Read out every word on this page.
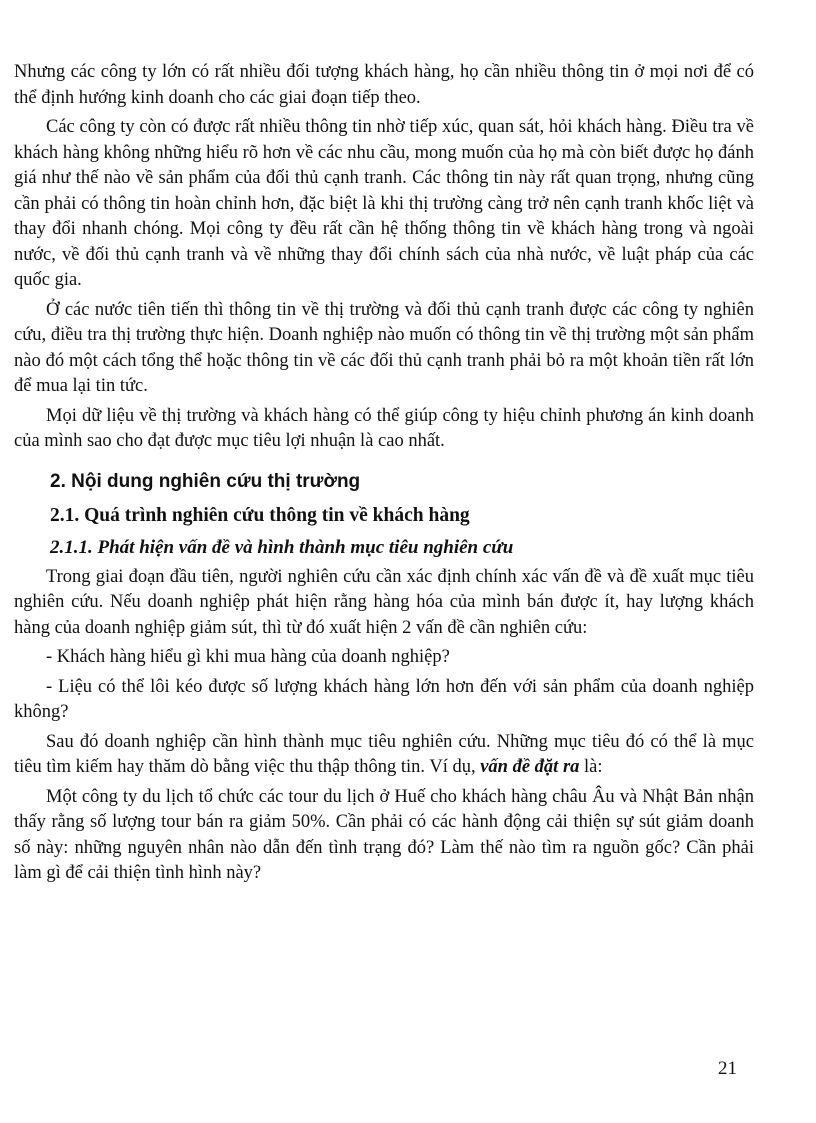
Nhưng các công ty lớn có rất nhiều đối tượng khách hàng, họ cần nhiều thông tin ở mọi nơi để có thể định hướng kinh doanh cho các giai đoạn tiếp theo.

Các công ty còn có được rất nhiều thông tin nhờ tiếp xúc, quan sát, hỏi khách hàng. Điều tra về khách hàng không những hiểu rõ hơn về các nhu cầu, mong muốn của họ mà còn biết được họ đánh giá như thế nào về sản phẩm của đối thủ cạnh tranh. Các thông tin này rất quan trọng, nhưng cũng cần phải có thông tin hoàn chỉnh hơn, đặc biệt là khi thị trường càng trở nên cạnh tranh khốc liệt và thay đổi nhanh chóng. Mọi công ty đều rất cần hệ thống thông tin về khách hàng trong và ngoài nước, về đối thủ cạnh tranh và về những thay đổi chính sách của nhà nước, về luật pháp của các quốc gia.

Ở các nước tiên tiến thì thông tin về thị trường và đối thủ cạnh tranh được các công ty nghiên cứu, điều tra thị trường thực hiện. Doanh nghiệp nào muốn có thông tin về thị trường một sản phẩm nào đó một cách tổng thể hoặc thông tin về các đối thủ cạnh tranh phải bỏ ra một khoản tiền rất lớn để mua lại tin tức.

Mọi dữ liệu về thị trường và khách hàng có thể giúp công ty hiệu chỉnh phương án kinh doanh của mình sao cho đạt được mục tiêu lợi nhuận là cao nhất.

2. Nội dung nghiên cứu thị trường
2.1. Quá trình nghiên cứu thông tin về khách hàng
2.1.1. Phát hiện vấn đề và hình thành mục tiêu nghiên cứu

Trong giai đoạn đầu tiên, người nghiên cứu cần xác định chính xác vấn đề và đề xuất mục tiêu nghiên cứu. Nếu doanh nghiệp phát hiện rằng hàng hóa của mình bán được ít, hay lượng khách hàng của doanh nghiệp giảm sút, thì từ đó xuất hiện 2 vấn đề cần nghiên cứu:

- Khách hàng hiểu gì khi mua hàng của doanh nghiệp?

- Liệu có thể lôi kéo được số lượng khách hàng lớn hơn đến với sản phẩm của doanh nghiệp không?

Sau đó doanh nghiệp cần hình thành mục tiêu nghiên cứu. Những mục tiêu đó có thể là mục tiêu tìm kiếm hay thăm dò bằng việc thu thập thông tin. Ví dụ, vấn đề đặt ra là:

Một công ty du lịch tổ chức các tour du lịch ở Huế cho khách hàng châu Âu và Nhật Bản nhận thấy rằng số lượng tour bán ra giảm 50%. Cần phải có các hành động cải thiện sự sút giảm doanh số này: những nguyên nhân nào dẫn đến tình trạng đó? Làm thế nào tìm ra nguồn gốc? Cần phải làm gì để cải thiện tình hình này?

21
